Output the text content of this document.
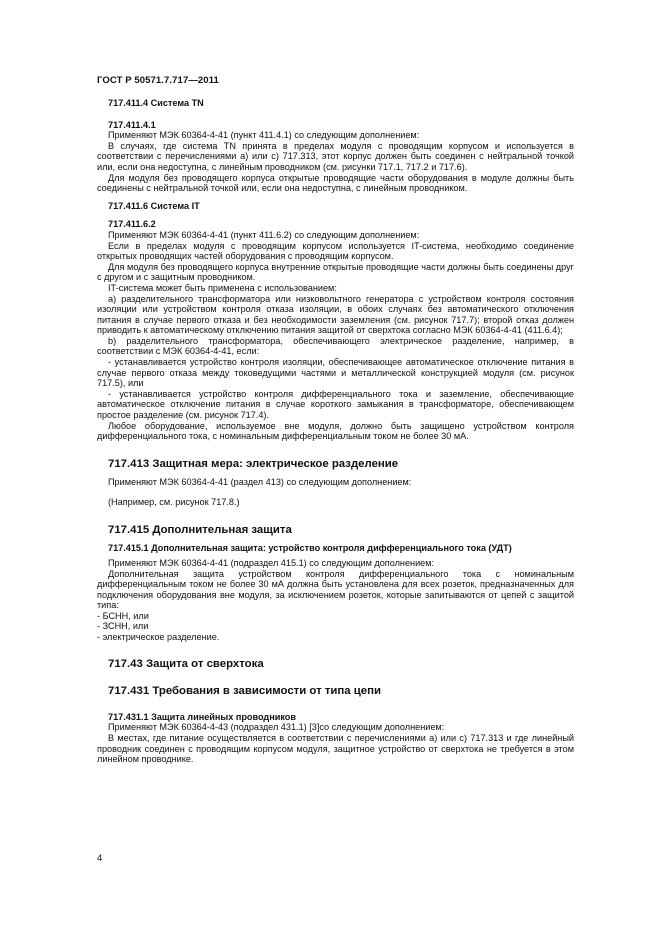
ГОСТ Р 50571.7.717—2011
717.411.4 Система TN
717.411.4.1

Применяют МЭК 60364-4-41 (пункт 411.4.1) со следующим дополнением:

В случаях, где система TN принята в пределах модуля с проводящим корпусом и используется в соответствии с перечислениями а) или с) 717.313, этот корпус должен быть соединен с нейтральной точкой или, если она недоступна, с линейным проводником (см. рисунки 717.1, 717.2 и 717.6).

Для модуля без проводящего корпуса открытые проводящие части оборудования в модуле должны быть соединены с нейтральной точкой или, если она недоступна, с линейным проводником.

717.411.6 Система IT
717.411.6.2

Применяют МЭК 60364-4-41 (пункт 411.6.2) со следующим дополнением:

Если в пределах модуля с проводящим корпусом используется IT-система, необходимо соединение открытых проводящих частей оборудования с проводящим корпусом.

Для модуля без проводящего корпуса внутренние открытые проводящие части должны быть соединены друг с другом и с защитным проводником.

IT-система может быть применена с использованием:

а) разделительного трансформатора или низковольтного генератора с устройством контроля состояния изоляции или устройством контроля отказа изоляции, в обоих случаях без автоматического отключения питания в случае первого отказа и без необходимости заземления (см. рисунок 717.7); второй отказ должен приводить к автоматическому отключению питания защитой от сверхтока согласно МЭК 60364-4-41 (411.6.4);

b) разделительного трансформатора, обеспечивающего электрическое разделение, например, в соответствии с МЭК 60364-4-41, если:

- устанавливается устройство контроля изоляции, обеспечивающее автоматическое отключение питания в случае первого отказа между токоведущими частями и металлической конструкцией модуля (см. рисунок 717.5), или

- устанавливается устройство контроля дифференциального тока и заземление, обеспечивающие автоматическое отключение питания в случае короткого замыкания в трансформаторе, обеспечивающем простое разделение (см. рисунок 717.4).

Любое оборудование, используемое вне модуля, должно быть защищено устройством контроля дифференциального тока, с номинальным дифференциальным током не более 30 мА.

717.413 Защитная мера: электрическое разделение

Применяют МЭК 60364-4-41 (раздел 413) со следующим дополнением:

(Например, см. рисунок 717.8.)

717.415 Дополнительная защита
717.415.1 Дополнительная защита: устройство контроля дифференциального тока (УДТ)

Применяют МЭК 60364-4-41 (подраздел 415.1) со следующим дополнением:

Дополнительная защита устройством контроля дифференциального тока с номинальным дифференциальным током не более 30 мА должна быть установлена для всех розеток, предназначенных для подключения оборудования вне модуля, за исключением розеток, которые запитываются от цепей с защитой типа:

- БСНН, или

- ЗСНН, или

- электрическое разделение.

717.43 Защита от сверхтока
717.431 Требования в зависимости от типа цепи
717.431.1 Защита линейных проводников

Применяют МЭК 60364-4-43 (подраздел 431.1) [3]со следующим дополнением:

В местах, где питание осуществляется в соответствии с перечислениями а) или с) 717.313 и где линейный проводник соединен с проводящим корпусом модуля, защитное устройство от сверхтока не требуется в этом линейном проводнике.

4
